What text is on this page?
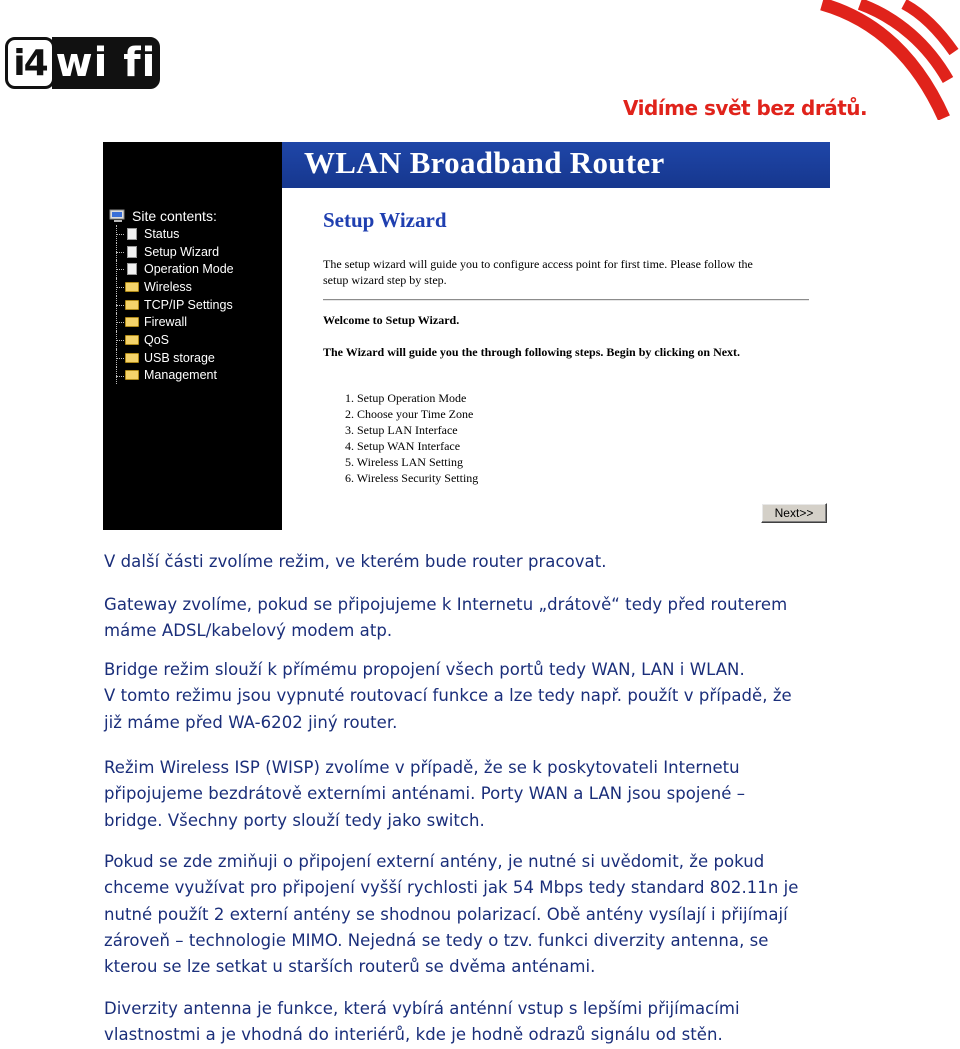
i4 wi fi
Vidíme svět bez drátů.
Site contents:
Status
Setup Wizard
Operation Mode
Wireless
TCP/IP Settings
Firewall
QoS
USB storage
Management
WLAN Broadband Router
Setup Wizard
The setup wizard will guide you to configure access point for first time. Please follow the
setup wizard step by step.
Welcome to Setup Wizard.
The Wizard will guide you the through following steps. Begin by clicking on Next.
1. Setup Operation Mode
2. Choose your Time Zone
3. Setup LAN Interface
4. Setup WAN Interface
5. Wireless LAN Setting
6. Wireless Security Setting
Next>>

V další části zvolíme režim, ve kterém bude router pracovat.

Gateway zvolíme, pokud se připojujeme k Internetu „drátově“ tedy před routerem
máme ADSL/kabelový modem atp.

Bridge režim slouží k přímému propojení všech portů tedy WAN, LAN i WLAN.
V tomto režimu jsou vypnuté routovací funkce a lze tedy např. použít v případě, že
již máme před WA-6202 jiný router.

Režim Wireless ISP (WISP) zvolíme v případě, že se k poskytovateli Internetu
připojujeme bezdrátově externími anténami. Porty WAN a LAN jsou spojené –
bridge. Všechny porty slouží tedy jako switch.

Pokud se zde zmiňuji o připojení externí antény, je nutné si uvědomit, že pokud
chceme využívat pro připojení vyšší rychlosti jak 54 Mbps tedy standard 802.11n je
nutné použít 2 externí antény se shodnou polarizací. Obě antény vysílají i přijímají
zároveň – technologie MIMO. Nejedná se tedy o tzv. funkci diverzity antenna, se
kterou se lze setkat u starších routerů se dvěma anténami.

Diverzity antenna je funkce, která vybírá anténní vstup s lepšími přijímacími
vlastnostmi a je vhodná do interiérů, kde je hodně odrazů signálu od stěn.
